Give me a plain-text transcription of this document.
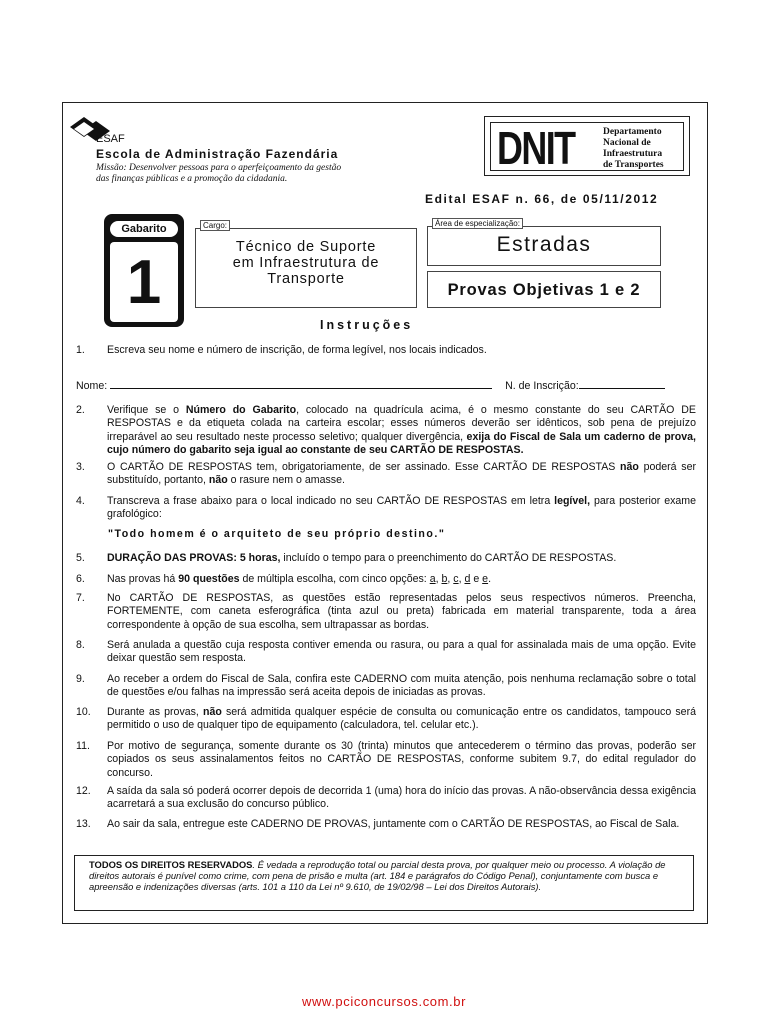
ESAF
Escola de Administração Fazendária
Missão: Desenvolver pessoas para o aperfeiçoamento da gestão
das finanças públicas e a promoção da cidadania.
DNIT	Departamento
Nacional de
Infraestrutura
de Transportes
Edital ESAF n. 66, de 05/11/2012
Gabarito
1
Cargo:
Técnico de Suporte
em Infraestrutura de
Transporte
Área de especialização:
Estradas
Provas Objetivas 1 e 2
Instruções
1. Escreva seu nome e número de inscrição, de forma legível, nos locais indicados.
Nome:	N. de Inscrição:
2. Verifique se o Número do Gabarito, colocado na quadrícula acima, é o mesmo constante do seu CARTÃO DE RESPOSTAS e da etiqueta colada na carteira escolar; esses números deverão ser idênticos, sob pena de prejuízo irreparável ao seu resultado neste processo seletivo; qualquer divergência, exija do Fiscal de Sala um caderno de prova, cujo número do gabarito seja igual ao constante de seu CARTÃO DE RESPOSTAS.
3. O CARTÃO DE RESPOSTAS tem, obrigatoriamente, de ser assinado. Esse CARTÃO DE RESPOSTAS não poderá ser substituído, portanto, não o rasure nem o amasse.
4. Transcreva a frase abaixo para o local indicado no seu CARTÃO DE RESPOSTAS em letra legível, para posterior exame grafológico:
"Todo homem é o arquiteto de seu próprio destino."
5. DURAÇÃO DAS PROVAS: 5 horas, incluído o tempo para o preenchimento do CARTÃO DE RESPOSTAS.
6. Nas provas há 90 questões de múltipla escolha, com cinco opções: a, b, c, d e e.
7. No CARTÃO DE RESPOSTAS, as questões estão representadas pelos seus respectivos números. Preencha, FORTEMENTE, com caneta esferográfica (tinta azul ou preta) fabricada em material transparente, toda a área correspondente à opção de sua escolha, sem ultrapassar as bordas.
8. Será anulada a questão cuja resposta contiver emenda ou rasura, ou para a qual for assinalada mais de uma opção. Evite deixar questão sem resposta.
9. Ao receber a ordem do Fiscal de Sala, confira este CADERNO com muita atenção, pois nenhuma reclamação sobre o total de questões e/ou falhas na impressão será aceita depois de iniciadas as provas.
10. Durante as provas, não será admitida qualquer espécie de consulta ou comunicação entre os candidatos, tampouco será permitido o uso de qualquer tipo de equipamento (calculadora, tel. celular etc.).
11. Por motivo de segurança, somente durante os 30 (trinta) minutos que antecederem o término das provas, poderão ser copiados os seus assinalamentos feitos no CARTÃO DE RESPOSTAS, conforme subitem 9.7, do edital regulador do concurso.
12. A saída da sala só poderá ocorrer depois de decorrida 1 (uma) hora do início das provas. A não-observância dessa exigência acarretará a sua exclusão do concurso público.
13. Ao sair da sala, entregue este CADERNO DE PROVAS, juntamente com o CARTÃO DE RESPOSTAS, ao Fiscal de Sala.
TODOS OS DIREITOS RESERVADOS. É vedada a reprodução total ou parcial desta prova, por qualquer meio ou processo. A violação de direitos autorais é punível como crime, com pena de prisão e multa (art. 184 e parágrafos do Código Penal), conjuntamente com busca e apreensão e indenizações diversas (arts. 101 a 110 da Lei nº 9.610, de 19/02/98 – Lei dos Direitos Autorais).
www.pciconcursos.com.br
